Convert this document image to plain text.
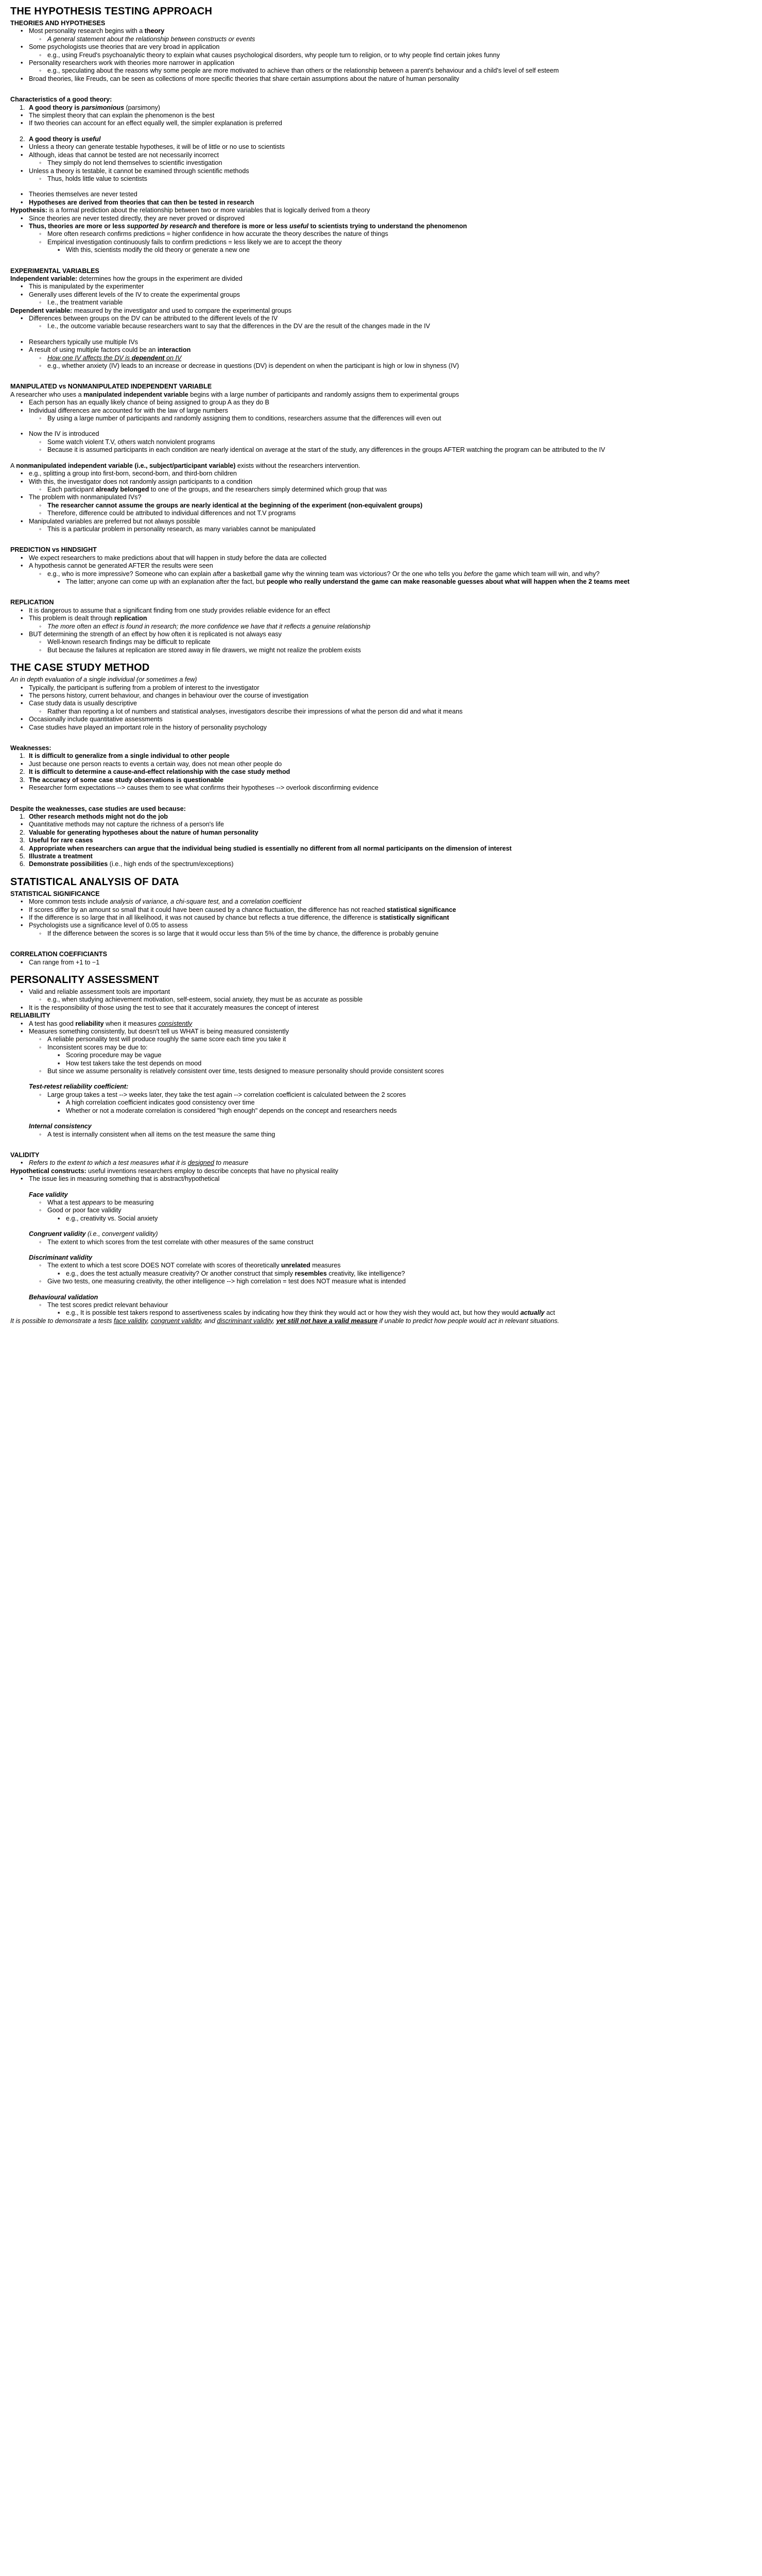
THE HYPOTHESIS TESTING APPROACH
THEORIES AND HYPOTHESES
• Most personality research begins with a theory
◦ A general statement about the relationship between constructs or events
• Some psychologists use theories that are very broad in application
◦ e.g., using Freud's psychoanalytic theory to explain what causes psychological disorders, why people turn to religion, or to why people find certain jokes funny
• Personality researchers work with theories more narrower in application
◦ e.g., speculating about the reasons why some people are more motivated to achieve than others or the relationship between a parent's behaviour and a child's level of self esteem
• Broad theories, like Freuds, can be seen as collections of more specific theories that share certain assumptions about the nature of human personality
Characteristics of a good theory:
1. A good theory is parsimonious (parsimony)
• The simplest theory that can explain the phenomenon is the best
• If two theories can account for an effect equally well, the simpler explanation is preferred
2. A good theory is useful
• Unless a theory can generate testable hypotheses, it will be of little or no use to scientists
• Although, ideas that cannot be tested are not necessarily incorrect
◦ They simply do not lend themselves to scientific investigation
• Unless a theory is testable, it cannot be examined through scientific methods
◦ Thus, holds little value to scientists
• Theories themselves are never tested
• Hypotheses are derived from theories that can then be tested in research
Hypothesis: is a formal prediction about the relationship between two or more variables that is logically derived from a theory
• Since theories are never tested directly, they are never proved or disproved
• Thus, theories are more or less supported by research and therefore is more or less useful to scientists trying to understand the phenomenon
◦ More often research confirms predictions = higher confidence in how accurate the theory describes the nature of things
◦ Empirical investigation continuously fails to confirm predictions = less likely we are to accept the theory
▪ With this, scientists modify the old theory or generate a new one
EXPERIMENTAL VARIABLES
Independent variable: determines how the groups in the experiment are divided
• This is manipulated by the experimenter
• Generally uses different levels of the IV to create the experimental groups
◦ I.e., the treatment variable
Dependent variable: measured by the investigator and used to compare the experimental groups
• Differences between groups on the DV can be attributed to the different levels of the IV
◦ I.e., the outcome variable because researchers want to say that the differences in the DV are the result of the changes made in the IV
• Researchers typically use multiple IVs
• A result of using multiple factors could be an interaction
◦ How one IV affects the DV is dependent on IV
◦ e.g., whether anxiety (IV) leads to an increase or decrease in questions (DV) is dependent on when the participant is high or low in shyness (IV)
MANIPULATED vs NONMANIPULATED INDEPENDENT VARIABLE
A researcher who uses a manipulated independent variable begins with a large number of participants and randomly assigns them to experimental groups
• Each person has an equally likely chance of being assigned to group A as they do B
• Individual differences are accounted for with the law of large numbers
◦ By using a large number of participants and randomly assigning them to conditions, researchers assume that the differences will even out
• Now the IV is introduced
◦ Some watch violent T.V, others watch nonviolent programs
◦ Because it is assumed participants in each condition are nearly identical on average at the start of the study, any differences in the groups AFTER watching the program can be attributed to the IV
A nonmanipulated independent variable (i.e., subject/participant variable) exists without the researchers intervention.
• e.g., splitting a group into first-born, second-born, and third-born children
• With this, the investigator does not randomly assign participants to a condition
◦ Each participant already belonged to one of the groups, and the researchers simply determined which group that was
• The problem with nonmanipulated IVs?
◦ The researcher cannot assume the groups are nearly identical at the beginning of the experiment (non-equivalent groups)
◦ Therefore, difference could be attributed to individual differences and not T.V programs
• Manipulated variables are preferred but not always possible
◦ This is a particular problem in personality research, as many variables cannot be manipulated
PREDICTION vs HINDSIGHT
• We expect researchers to make predictions about that will happen in study before the data are collected
• A hypothesis cannot be generated AFTER the results were seen
◦ e.g., who is more impressive? Someone who can explain after a basketball game why the winning team was victorious? Or the one who tells you before the game which team will win, and why?
▪ The latter; anyone can come up with an explanation after the fact, but people who really understand the game can make reasonable guesses about what will happen when the 2 teams meet
REPLICATION
• It is dangerous to assume that a significant finding from one study provides reliable evidence for an effect
• This problem is dealt through replication
◦ The more often an effect is found in research; the more confidence we have that it reflects a genuine relationship
• BUT determining the strength of an effect by how often it is replicated is not always easy
◦ Well-known research findings may be difficult to replicate
◦ But because the failures at replication are stored away in file drawers, we might not realize the problem exists
THE CASE STUDY METHOD
An in depth evaluation of a single individual (or sometimes a few)
• Typically, the participant is suffering from a problem of interest to the investigator
• The persons history, current behaviour, and changes in behaviour over the course of investigation
• Case study data is usually descriptive
◦ Rather than reporting a lot of numbers and statistical analyses, investigators describe their impressions of what the person did and what it means
• Occasionally include quantitative assessments
• Case studies have played an important role in the history of personality psychology
Weaknesses:
1. It is difficult to generalize from a single individual to other people
• Just because one person reacts to events a certain way, does not mean other people do
2. It is difficult to determine a cause-and-effect relationship with the case study method
3. The accuracy of some case study observations is questionable
• Researcher form expectations --> causes them to see what confirms their hypotheses --> overlook disconfirming evidence
Despite the weaknesses, case studies are used because:
1. Other research methods might not do the job
• Quantitative methods may not capture the richness of a person's life
2. Valuable for generating hypotheses about the nature of human personality
3. Useful for rare cases
4. Appropriate when researchers can argue that the individual being studied is essentially no different from all normal participants on the dimension of interest
5. Illustrate a treatment
6. Demonstrate possibilities (i.e., high ends of the spectrum/exceptions)
STATISTICAL ANALYSIS OF DATA
STATISTICAL SIGNIFICANCE
• More common tests include analysis of variance, a chi-square test, and a correlation coefficient
• If scores differ by an amount so small that it could have been caused by a chance fluctuation, the difference has not reached statistical significance
• If the difference is so large that in all likelihood, it was not caused by chance but reflects a true difference, the difference is statistically significant
• Psychologists use a significance level of 0.05 to assess
◦ If the difference between the scores is so large that it would occur less than 5% of the time by chance, the difference is probably genuine
CORRELATION COEFFICIANTS
• Can range from +1 to −1
PERSONALITY ASSESSMENT
• Valid and reliable assessment tools are important
◦ e.g., when studying achievement motivation, self-esteem, social anxiety, they must be as accurate as possible
• It is the responsibility of those using the test to see that it accurately measures the concept of interest
RELIABILITY
• A test has good reliability when it measures consistently
• Measures something consistently, but doesn't tell us WHAT is being measured consistently
◦ A reliable personality test will produce roughly the same score each time you take it
◦ Inconsistent scores may be due to:
▪ Scoring procedure may be vague
▪ How test takers take the test depends on mood
◦ But since we assume personality is relatively consistent over time, tests designed to measure personality should provide consistent scores
Test-retest reliability coefficient:
◦ Large group takes a test --> weeks later, they take the test again --> correlation coefficient is calculated between the 2 scores
▪ A high correlation coefficient indicates good consistency over time
▪ Whether or not a moderate correlation is considered "high enough" depends on the concept and researchers needs
Internal consistency
◦ A test is internally consistent when all items on the test measure the same thing
VALIDITY
• Refers to the extent to which a test measures what it is designed to measure
Hypothetical constructs: useful inventions researchers employ to describe concepts that have no physical reality
• The issue lies in measuring something that is abstract/hypothetical
Face validity
◦ What a test appears to be measuring
◦ Good or poor face validity
▪ e.g., creativity vs. Social anxiety
Congruent validity (i.e., convergent validity)
◦ The extent to which scores from the test correlate with other measures of the same construct
Discriminant validity
◦ The extent to which a test score DOES NOT correlate with scores of theoretically unrelated measures
▪ e.g., does the test actually measure creativity? Or another construct that simply resembles creativity, like intelligence?
◦ Give two tests, one measuring creativity, the other intelligence --> high correlation = test does NOT measure what is intended
Behavioural validation
◦ The test scores predict relevant behaviour
▪ e.g., It is possible test takers respond to assertiveness scales by indicating how they think they would act or how they wish they would act, but how they would actually act
It is possible to demonstrate a tests face validity, congruent validity, and discriminant validity, yet still not have a valid measure if unable to predict how people would act in relevant situations.
